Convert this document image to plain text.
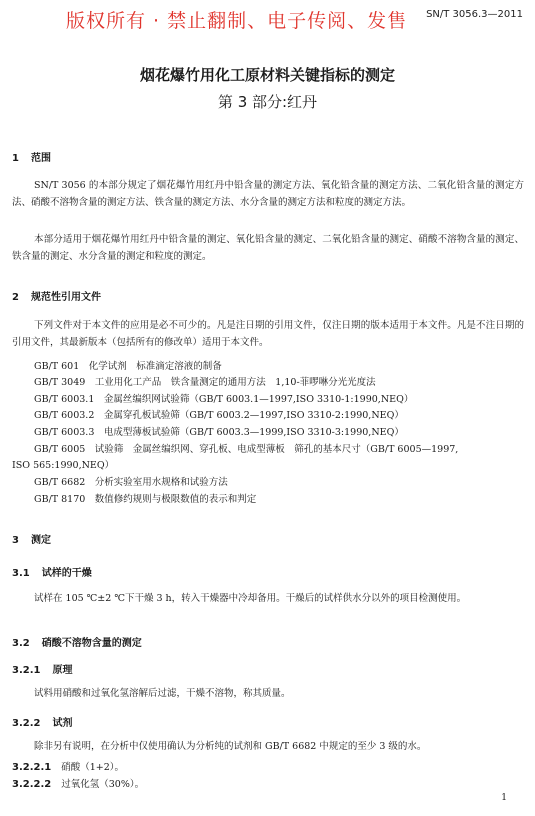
版权所有 · 禁止翻制、电子传阅、发售 SN/T 3056.3—2011
烟花爆竹用化工原材料关键指标的测定
第 3 部分:红丹
1 范围
SN/T 3056 的本部分规定了烟花爆竹用红丹中铅含量的测定方法、氧化铅含量的测定方法、二氧化铅含量的测定方法、硝酸不溶物含量的测定方法、铁含量的测定方法、水分含量的测定方法和粒度的测定方法。
本部分适用于烟花爆竹用红丹中铅含量的测定、氧化铅含量的测定、二氧化铅含量的测定、硝酸不溶物含量的测定、铁含量的测定、水分含量的测定和粒度的测定。
2 规范性引用文件
下列文件对于本文件的应用是必不可少的。凡是注日期的引用文件，仅注日期的版本适用于本文件。凡是不注日期的引用文件，其最新版本（包括所有的修改单）适用于本文件。
GB/T 601　化学试剂　标准滴定溶液的制备
GB/T 3049　工业用化工产品　铁含量测定的通用方法　1,10-菲啰啉分光光度法
GB/T 6003.1　金属丝编织网试验筛（GB/T 6003.1—1997,ISO 3310-1:1990,NEQ）
GB/T 6003.2　金属穿孔板试验筛（GB/T 6003.2—1997,ISO 3310-2:1990,NEQ）
GB/T 6003.3　电成型薄板试验筛（GB/T 6003.3—1999,ISO 3310-3:1990,NEQ）
GB/T 6005　试验筛　金属丝编织网、穿孔板、电成型薄板　筛孔的基本尺寸（GB/T 6005—1997,
ISO 565:1990,NEQ）
GB/T 6682　分析实验室用水规格和试验方法
GB/T 8170　数值修约规则与极限数值的表示和判定
3 测定
3.1 试样的干燥
试样在 105 ℃±2 ℃下干燥 3 h，转入干燥器中冷却备用。干燥后的试样供水分以外的项目检测使用。
3.2 硝酸不溶物含量的测定
3.2.1 原理
试料用硝酸和过氧化氢溶解后过滤，干燥不溶物，称其质量。
3.2.2 试剂
除非另有说明，在分析中仅使用确认为分析纯的试剂和 GB/T 6682 中规定的至少 3 级的水。
3.2.2.1 硝酸（1+2）。
3.2.2.2 过氧化氢（30%）。
1
